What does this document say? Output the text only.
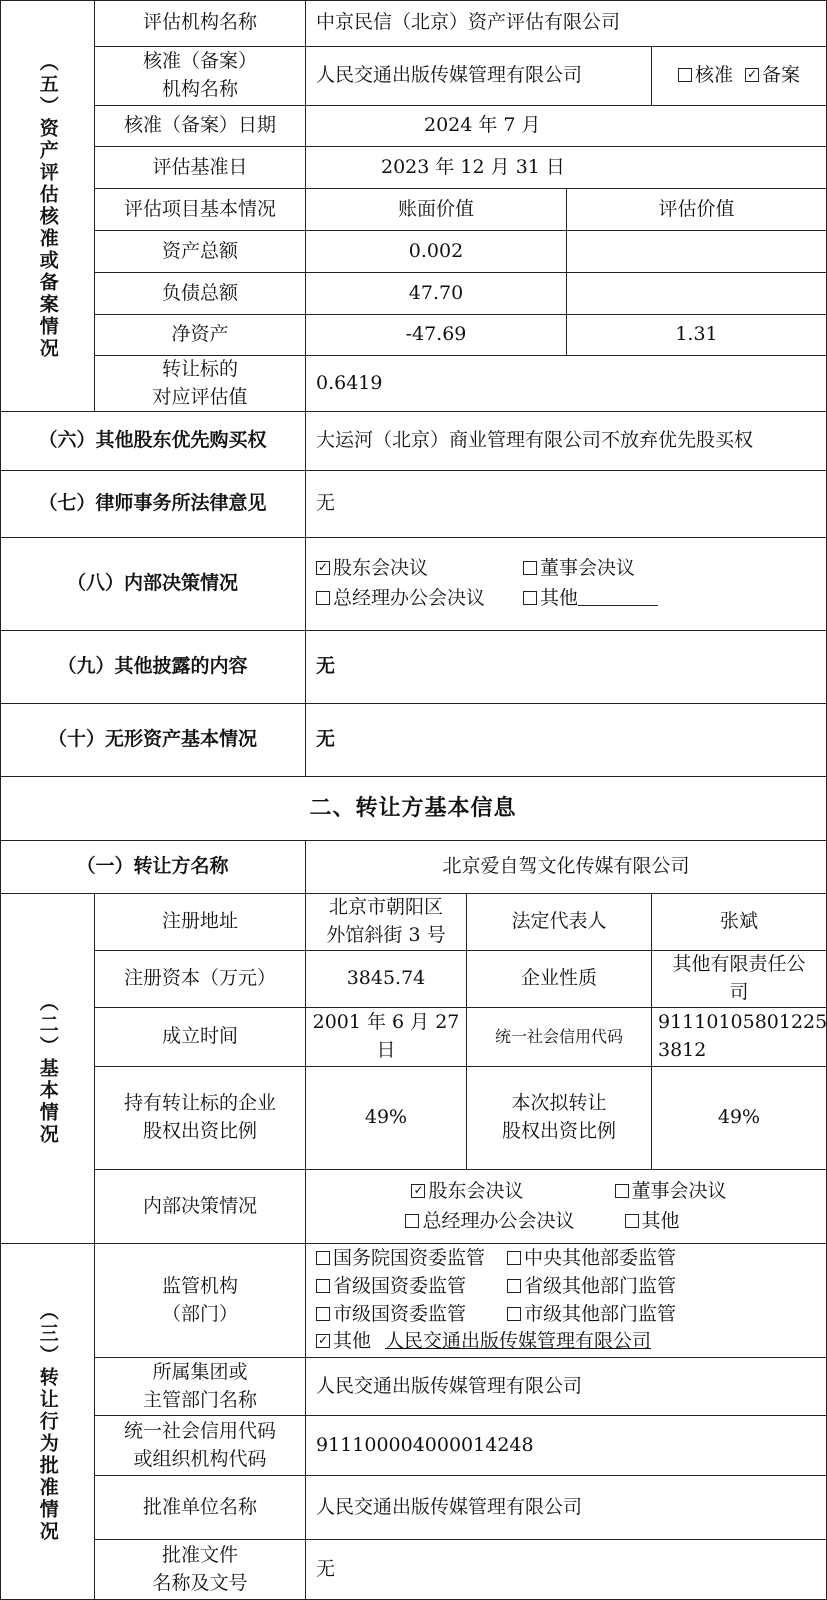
（五）资产评估核准或备案情况
评估机构名称	中京民信（北京）资产评估有限公司
核准（备案）
机构名称
人民交通出版传媒管理有限公司	核准

✓	备案
核准（备案）日期	2024 年 7 月
评估基准日	2023 年 12 月 31 日
评估项目基本情况	账面价值	评估价值
资产总额	0.002
负债总额	47.70
净资产	-47.69	1.31
转让标的
对应评估值
0.6419
（六）其他股东优先购买权	大运河（北京）商业管理有限公司不放弃优先股买权
（七）律师事务所法律意见	无
（八）内部决策情况
✓股东会决议	董事会决议
总经理办公会决议	其他
（九）其他披露的内容	无
（十）无形资产基本情况	无
二、转让方基本信息
（一）转让方名称	北京爱自驾文化传媒有限公司
（二）基本情况
注册地址
北京市朝阳区
外馆斜街 3 号
法定代表人	张斌
注册资本（万元）	3845.74	企业性质
其他有限责任公
司
成立时间
2001 年 6 月 27
日
统一社会信用代码
91110105801225
3812
持有转让标的企业
股权出资比例
49%
本次拟转让
股权出资比例
49%
内部决策情况
✓股东会决议	董事会决议
总经理办公会决议	其他
（三）转让行为批准情况
监管机构
（部门）
国务院国资委监管	中央其他部委监管
省级国资委监管	省级其他部门监管
市级国资委监管	市级其他部门监管
✓其他 人民交通出版传媒管理有限公司
所属集团或
主管部门名称
人民交通出版传媒管理有限公司
统一社会信用代码
或组织机构代码
911100004000014248
批准单位名称	人民交通出版传媒管理有限公司
批准文件
名称及文号
无
